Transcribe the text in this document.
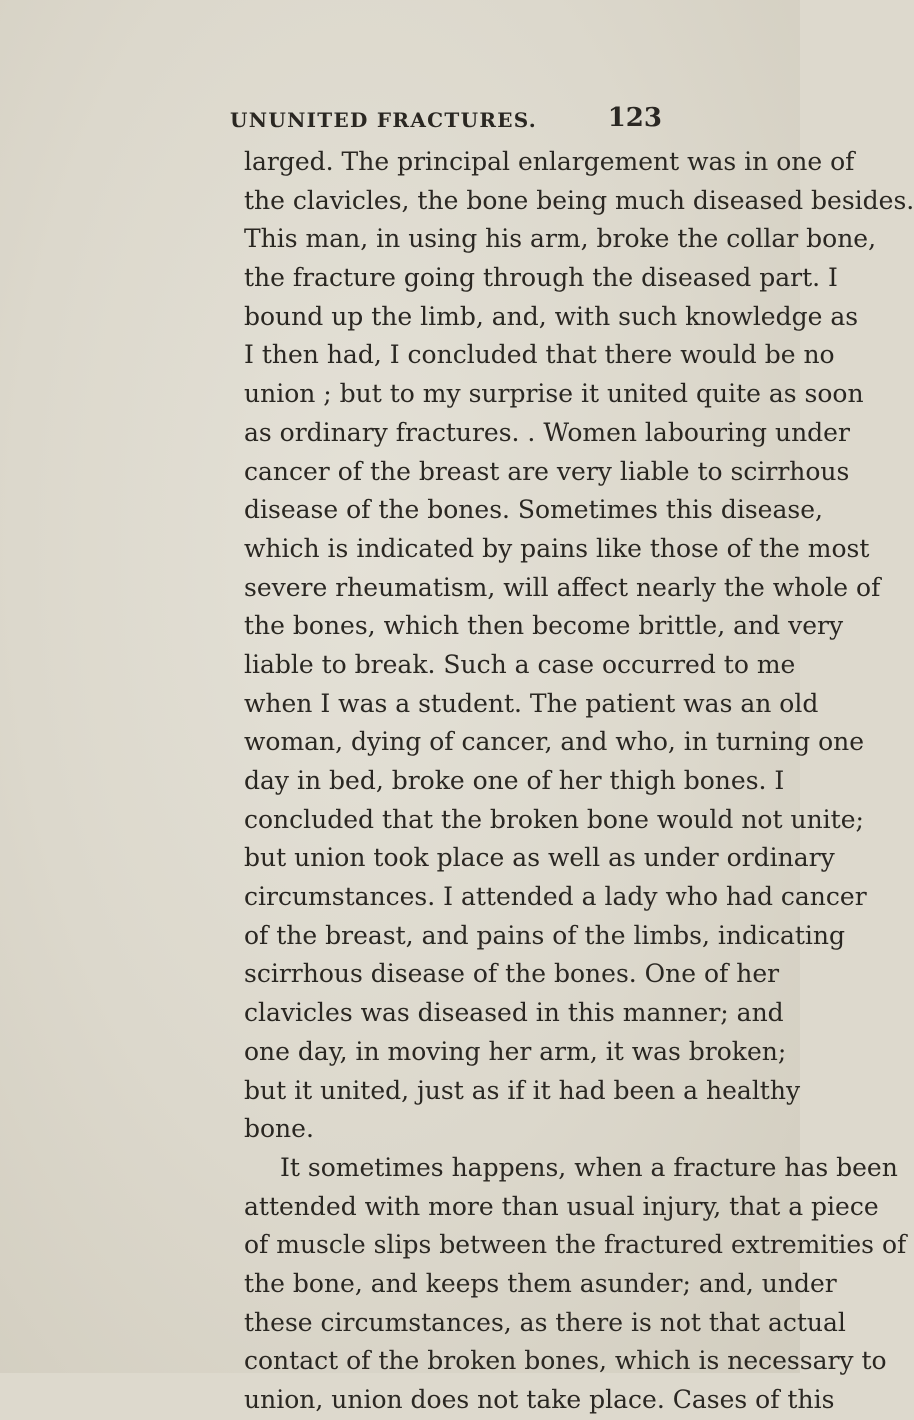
UNUNITED FRACTURES.	123
larged. The principal enlargement was in one of
the clavicles, the bone being much diseased besides.
This man, in using his arm, broke the collar bone,
the fracture going through the diseased part. I
bound up the limb, and, with such knowledge as
I then had, I concluded that there would be no
union ; but to my surprise it united quite as soon
as ordinary fractures. . Women labouring under
cancer of the breast are very liable to scirrhous
disease of the bones. Sometimes this disease,
which is indicated by pains like those of the most
severe rheumatism, will affect nearly the whole of
the bones, which then become brittle, and very
liable to break. Such a case occurred to me
when I was a student. The patient was an old
woman, dying of cancer, and who, in turning one
day in bed, broke one of her thigh bones. I
concluded that the broken bone would not unite;
but union took place as well as under ordinary
circumstances. I attended a lady who had cancer
of the breast, and pains of the limbs, indicating
scirrhous disease of the bones. One of her
clavicles was diseased in this manner; and
one day, in moving her arm, it was broken;
but it united, just as if it had been a healthy
bone.
It sometimes happens, when a fracture has been
attended with more than usual injury, that a piece
of muscle slips between the fractured extremities of
the bone, and keeps them asunder; and, under
these circumstances, as there is not that actual
contact of the broken bones, which is necessary to
union, union does not take place. Cases of this
